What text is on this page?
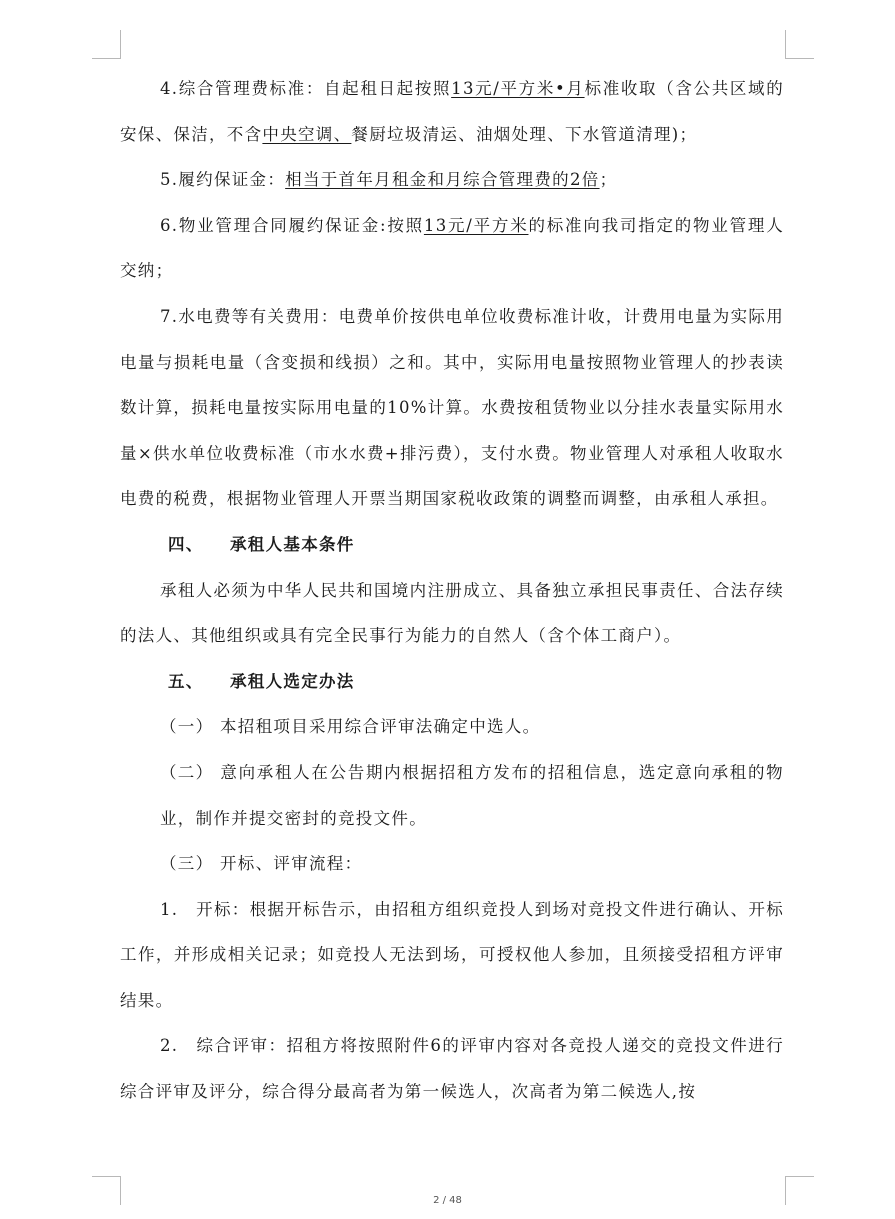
4.综合管理费标准：自起租日起按照13元/平方米•月标准收取（含公共区域的安保、保洁，不含中央空调、餐厨垃圾清运、油烟处理、下水管道清理)；

5.履约保证金：相当于首年月租金和月综合管理费的2倍；

6.物业管理合同履约保证金:按照13元/平方米的标准向我司指定的物业管理人交纳；

7.水电费等有关费用：电费单价按供电单位收费标准计收，计费用电量为实际用电量与损耗电量（含变损和线损）之和。其中，实际用电量按照物业管理人的抄表读数计算，损耗电量按实际用电量的10%计算。水费按租赁物业以分挂水表量实际用水量×供水单位收费标准（市水水费+排污费），支付水费。物业管理人对承租人收取水电费的税费，根据物业管理人开票当期国家税收政策的调整而调整，由承租人承担。

四、 承租人基本条件

承租人必须为中华人民共和国境内注册成立、具备独立承担民事责任、合法存续的法人、其他组织或具有完全民事行为能力的自然人（含个体工商户）。

五、 承租人选定办法

（一） 本招租项目采用综合评审法确定中选人。

（二） 意向承租人在公告期内根据招租方发布的招租信息，选定意向承租的物业，制作并提交密封的竞投文件。

（三） 开标、评审流程：

1.　开标：根据开标告示，由招租方组织竞投人到场对竞投文件进行确认、开标工作，并形成相关记录；如竞投人无法到场，可授权他人参加，且须接受招租方评审结果。

2.　综合评审：招租方将按照附件6的评审内容对各竞投人递交的竞投文件进行综合评审及评分，综合得分最高者为第一候选人，次高者为第二候选人,按

2 / 48
